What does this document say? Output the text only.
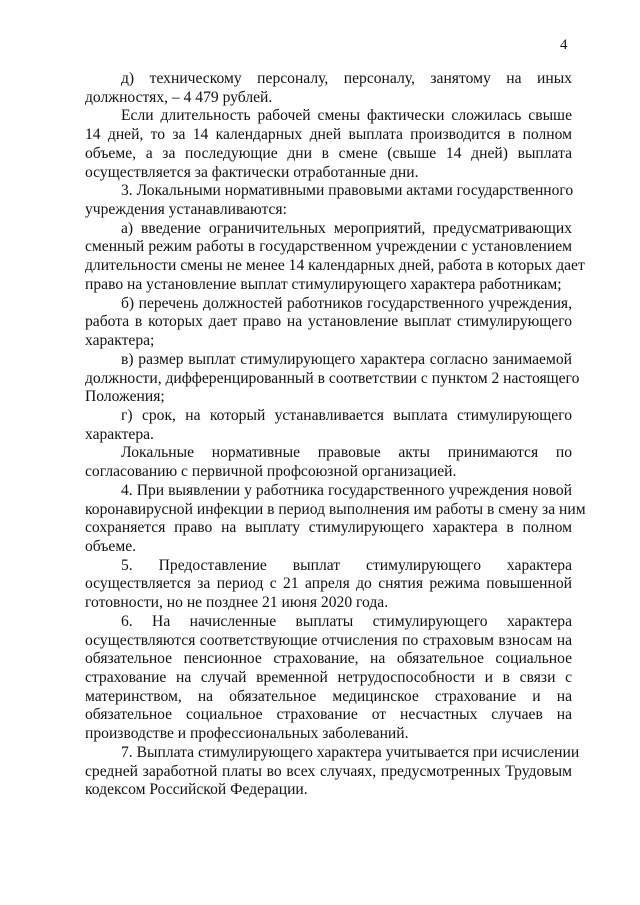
4
д) техническому персоналу, персоналу, занятому на иных
должностях, – 4 479 рублей.
Если длительность рабочей смены фактически сложилась свыше
14 дней, то за 14 календарных дней выплата производится в полном
объеме, а за последующие дни в смене (свыше 14 дней) выплата
осуществляется за фактически отработанные дни.
3. Локальными нормативными правовыми актами государственного
учреждения устанавливаются:
а) введение ограничительных мероприятий, предусматривающих
сменный режим работы в государственном учреждении с установлением
длительности смены не менее 14 календарных дней, работа в которых дает
право на установление выплат стимулирующего характера работникам;
б) перечень должностей работников государственного учреждения,
работа в которых дает право на установление выплат стимулирующего
характера;
в) размер выплат стимулирующего характера согласно занимаемой
должности, дифференцированный в соответствии с пунктом 2 настоящего
Положения;
г) срок, на который устанавливается выплата стимулирующего
характера.
Локальные нормативные правовые акты принимаются по
согласованию с первичной профсоюзной организацией.
4. При выявлении у работника государственного учреждения новой
коронавирусной инфекции в период выполнения им работы в смену за ним
сохраняется право на выплату стимулирующего характера в полном
объеме.
5. Предоставление выплат стимулирующего характера
осуществляется за период с 21 апреля до снятия режима повышенной
готовности, но не позднее 21 июня 2020 года.
6. На начисленные выплаты стимулирующего характера
осуществляются соответствующие отчисления по страховым взносам на
обязательное пенсионное страхование, на обязательное социальное
страхование на случай временной нетрудоспособности и в связи с
материнством, на обязательное медицинское страхование и на
обязательное социальное страхование от несчастных случаев на
производстве и профессиональных заболеваний.
7. Выплата стимулирующего характера учитывается при исчислении
средней заработной платы во всех случаях, предусмотренных Трудовым
кодексом Российской Федерации.
